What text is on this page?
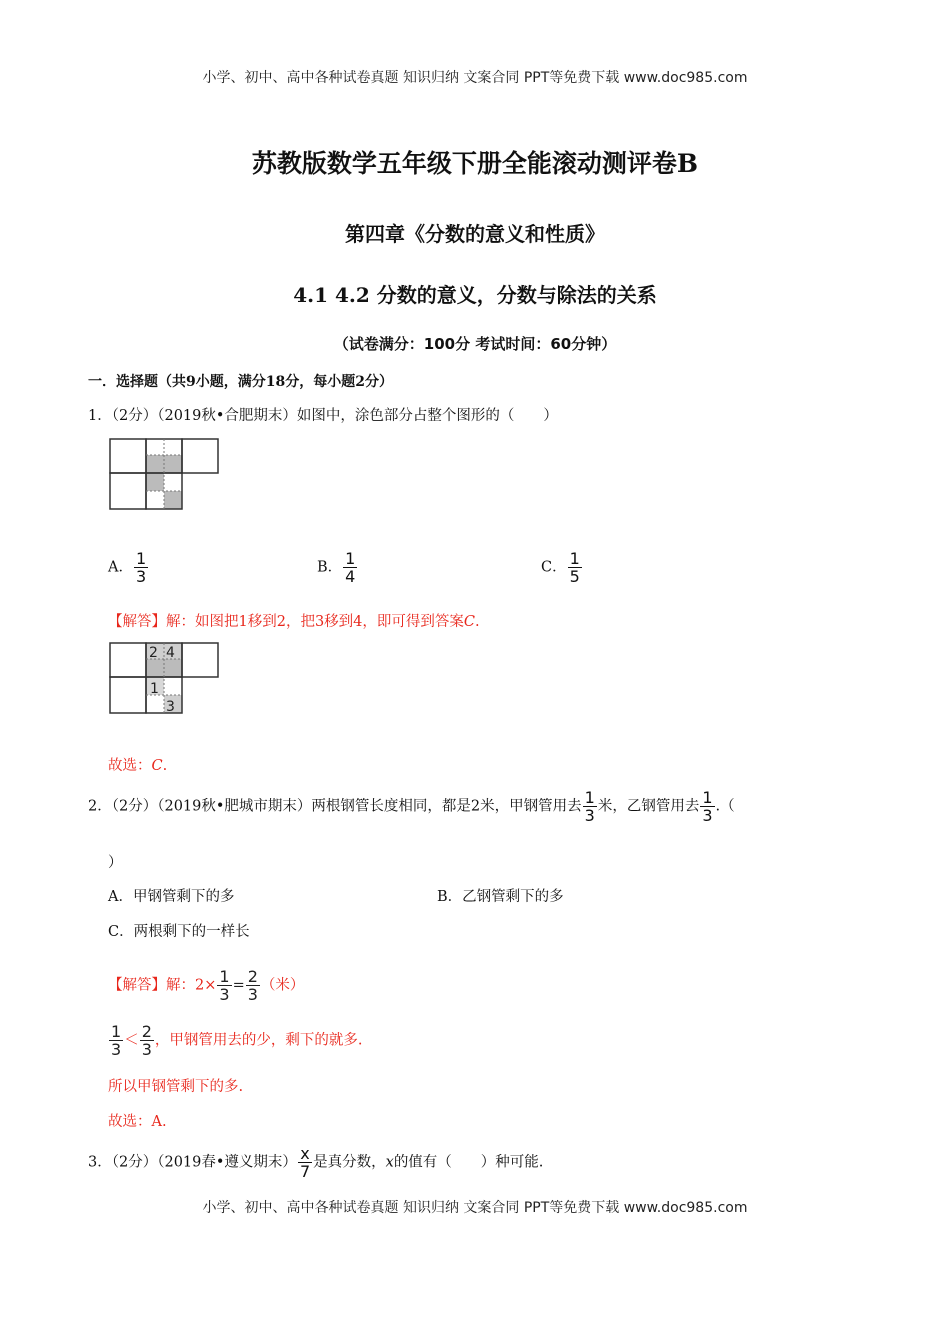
小学、初中、高中各种试卷真题 知识归纳 文案合同 PPT等免费下载 www.doc985.com
小学、初中、高中各种试卷真题 知识归纳 文案合同 PPT等免费下载 www.doc985.com
苏教版数学五年级下册全能滚动测评卷B
第四章《分数的意义和性质》
4.1 4.2 分数的意义，分数与除法的关系
（试卷满分：100分 考试时间：60分钟）
一．选择题（共9小题，满分18分，每小题2分）
1．（2分）（2019秋•合肥期末）如图中，涂色部分占整个图形的（　　）
A． $\frac{1}{3}$	B． $\frac{1}{4}$	C． $\frac{1}{5}$
【解答】解：如图把1移到2，把3移到4，即可得到答案C.
2 4
1
3
故选：C.
2．（2分）（2019秋•肥城市期末）两根钢管长度相同，都是2米，甲钢管用去 $\frac{1}{3}$ 米，乙钢管用去 $\frac{1}{3}$ .（
）
A．甲钢管剩下的多	B．乙钢管剩下的多
C．两根剩下的一样长
【解答】解：$2\times \frac{1}{3} = \frac{2}{3}$ （米）
$\frac{1}{3} < \frac{2}{3}$ ，甲钢管用去的少，剩下的就多.
所以甲钢管剩下的多.
故选：A.
3．（2分）（2019春•遵义期末） $\frac{x}{7}$ 是真分数，x的值有（　　）种可能.
